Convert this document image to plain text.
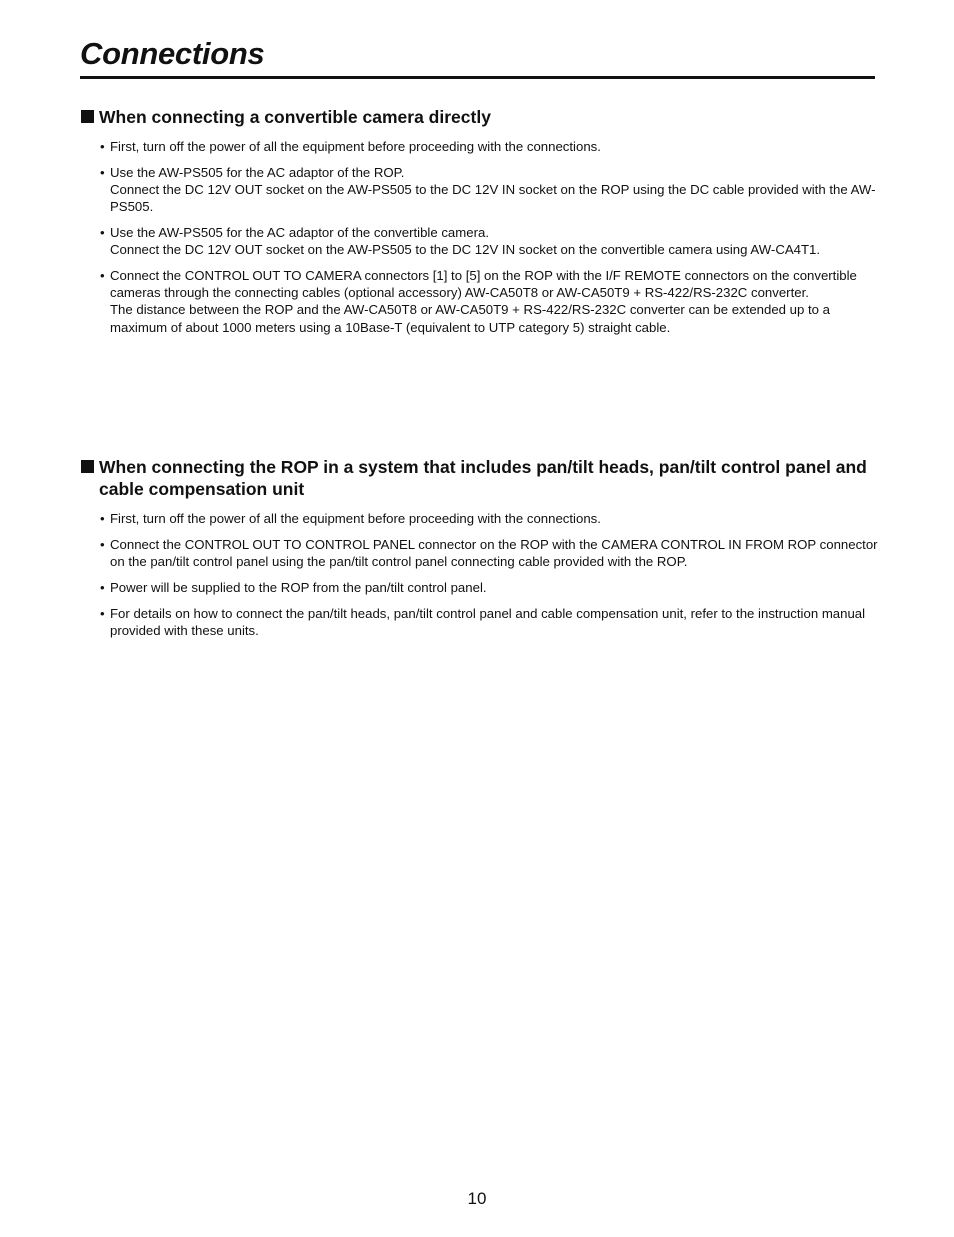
Connections
When connecting a convertible camera directly
• First, turn off the power of all the equipment before proceeding with the connections.
• Use the AW-PS505 for the AC adaptor of the ROP.
Connect the DC 12V OUT socket on the AW-PS505 to the DC 12V IN socket on the ROP using the DC cable provided with the AW-PS505.
• Use the AW-PS505 for the AC adaptor of the convertible camera.
Connect the DC 12V OUT socket on the AW-PS505 to the DC 12V IN socket on the convertible camera using AW-CA4T1.
• Connect the CONTROL OUT TO CAMERA connectors [1] to [5] on the ROP with the I/F REMOTE connectors on the convertible cameras through the connecting cables (optional accessory) AW-CA50T8 or AW-CA50T9 + RS-422/RS-232C converter.
The distance between the ROP and the AW-CA50T8 or AW-CA50T9 + RS-422/RS-232C converter can be extended up to a maximum of about 1000 meters using a 10Base-T (equivalent to UTP category 5) straight cable.
When connecting the ROP in a system that includes pan/tilt heads, pan/tilt control panel and cable compensation unit
• First, turn off the power of all the equipment before proceeding with the connections.
• Connect the CONTROL OUT TO CONTROL PANEL connector on the ROP with the CAMERA CONTROL IN FROM ROP connector on the pan/tilt control panel using the pan/tilt control panel connecting cable provided with the ROP.
• Power will be supplied to the ROP from the pan/tilt control panel.
• For details on how to connect the pan/tilt heads, pan/tilt control panel and cable compensation unit, refer to the instruction manual provided with these units.
10
